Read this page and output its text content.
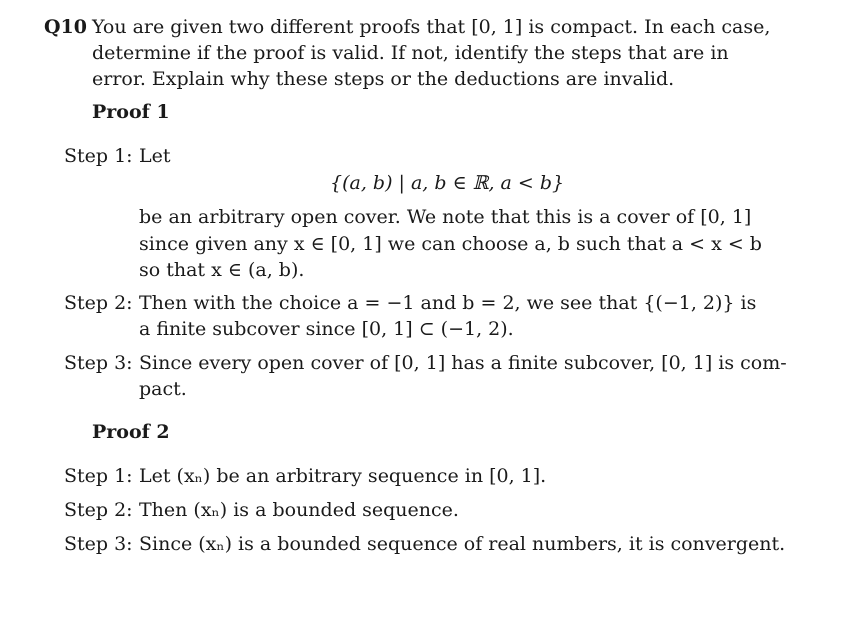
Q10 You are given two different proofs that [0, 1] is compact. In each case,
determine if the proof is valid. If not, identify the steps that are in
error. Explain why these steps or the deductions are invalid.
Proof 1
Step 1: Let
{(a, b) | a, b ∈ ℝ, a < b}
be an arbitrary open cover. We note that this is a cover of [0, 1]
since given any x ∈ [0, 1] we can choose a, b such that a < x < b
so that x ∈ (a, b).
Step 2: Then with the choice a = −1 and b = 2, we see that {(−1, 2)} is
a finite subcover since [0, 1] ⊂ (−1, 2).
Step 3: Since every open cover of [0, 1] has a finite subcover, [0, 1] is com-
pact.
Proof 2
Step 1: Let (xₙ) be an arbitrary sequence in [0, 1].
Step 2: Then (xₙ) is a bounded sequence.
Step 3: Since (xₙ) is a bounded sequence of real numbers, it is convergent.
